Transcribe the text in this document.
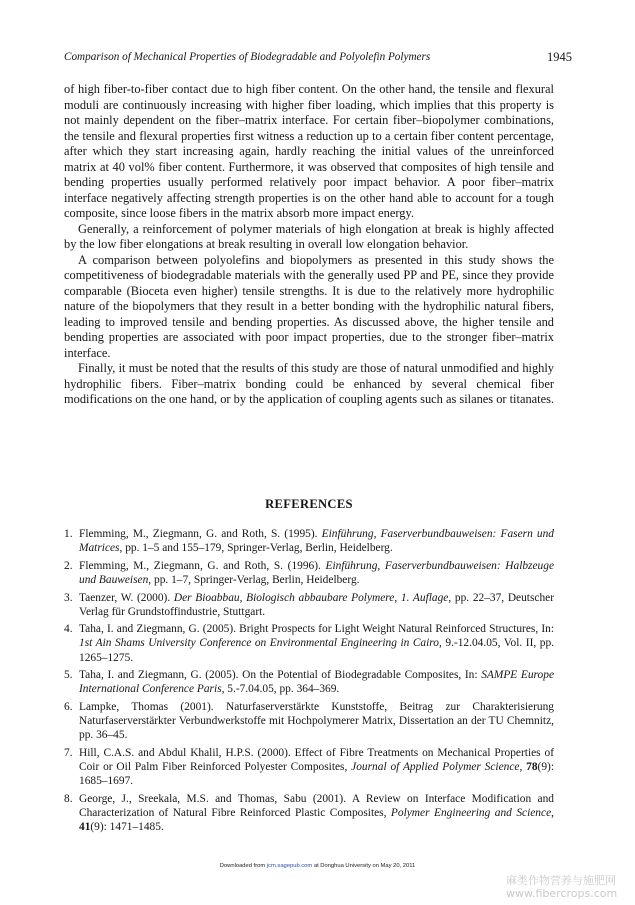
Comparison of Mechanical Properties of Biodegradable and Polyolefin Polymers	1945

of high fiber-to-fiber contact due to high fiber content. On the other hand, the tensile and flexural moduli are continuously increasing with higher fiber loading, which implies that this property is not mainly dependent on the fiber–matrix interface. For certain fiber–biopolymer combinations, the tensile and flexural properties first witness a reduction up to a certain fiber content percentage, after which they start increasing again, hardly reaching the initial values of the unreinforced matrix at 40 vol% fiber content. Furthermore, it was observed that composites of high tensile and bending properties usually performed relatively poor impact behavior. A poor fiber–matrix interface negatively affecting strength properties is on the other hand able to account for a tough composite, since loose fibers in the matrix absorb more impact energy.

Generally, a reinforcement of polymer materials of high elongation at break is highly affected by the low fiber elongations at break resulting in overall low elongation behavior.

A comparison between polyolefins and biopolymers as presented in this study shows the competitiveness of biodegradable materials with the generally used PP and PE, since they provide comparable (Bioceta even higher) tensile strengths. It is due to the relatively more hydrophilic nature of the biopolymers that they result in a better bonding with the hydrophilic natural fibers, leading to improved tensile and bending properties. As discussed above, the higher tensile and bending properties are associated with poor impact properties, due to the stronger fiber–matrix interface.

Finally, it must be noted that the results of this study are those of natural unmodified and highly hydrophilic fibers. Fiber–matrix bonding could be enhanced by several chemical fiber modifications on the one hand, or by the application of coupling agents such as silanes or titanates.

REFERENCES
1. Flemming, M., Ziegmann, G. and Roth, S. (1995). Einführung, Faserverbundbauweisen: Fasern und Matrices, pp. 1–5 and 155–179, Springer-Verlag, Berlin, Heidelberg.
2. Flemming, M., Ziegmann, G. and Roth, S. (1996). Einführung, Faserverbundbauweisen: Halbzeuge und Bauweisen, pp. 1–7, Springer-Verlag, Berlin, Heidelberg.
3. Taenzer, W. (2000). Der Bioabbau, Biologisch abbaubare Polymere, 1. Auflage, pp. 22–37, Deutscher Verlag für Grundstoffindustrie, Stuttgart.
4. Taha, I. and Ziegmann, G. (2005). Bright Prospects for Light Weight Natural Reinforced Structures, In: 1st Ain Shams University Conference on Environmental Engineering in Cairo, 9.-12.04.05, Vol. II, pp. 1265–1275.
5. Taha, I. and Ziegmann, G. (2005). On the Potential of Biodegradable Composites, In: SAMPE Europe International Conference Paris, 5.-7.04.05, pp. 364–369.
6. Lampke, Thomas (2001). Naturfaserverstärkte Kunststoffe, Beitrag zur Charakterisierung Naturfaserverstärkter Verbundwerkstoffe mit Hochpolymerer Matrix, Dissertation an der TU Chemnitz, pp. 36–45.
7. Hill, C.A.S. and Abdul Khalil, H.P.S. (2000). Effect of Fibre Treatments on Mechanical Properties of Coir or Oil Palm Fiber Reinforced Polyester Composites, Journal of Applied Polymer Science, 78(9): 1685–1697.
8. George, J., Sreekala, M.S. and Thomas, Sabu (2001). A Review on Interface Modification and Characterization of Natural Fibre Reinforced Plastic Composites, Polymer Engineering and Science, 41(9): 1471–1485.
Downloaded from jcm.sagepub.com at Donghua University on May 20, 2011
麻类作物营养与施肥网
www.fibercrops.com
